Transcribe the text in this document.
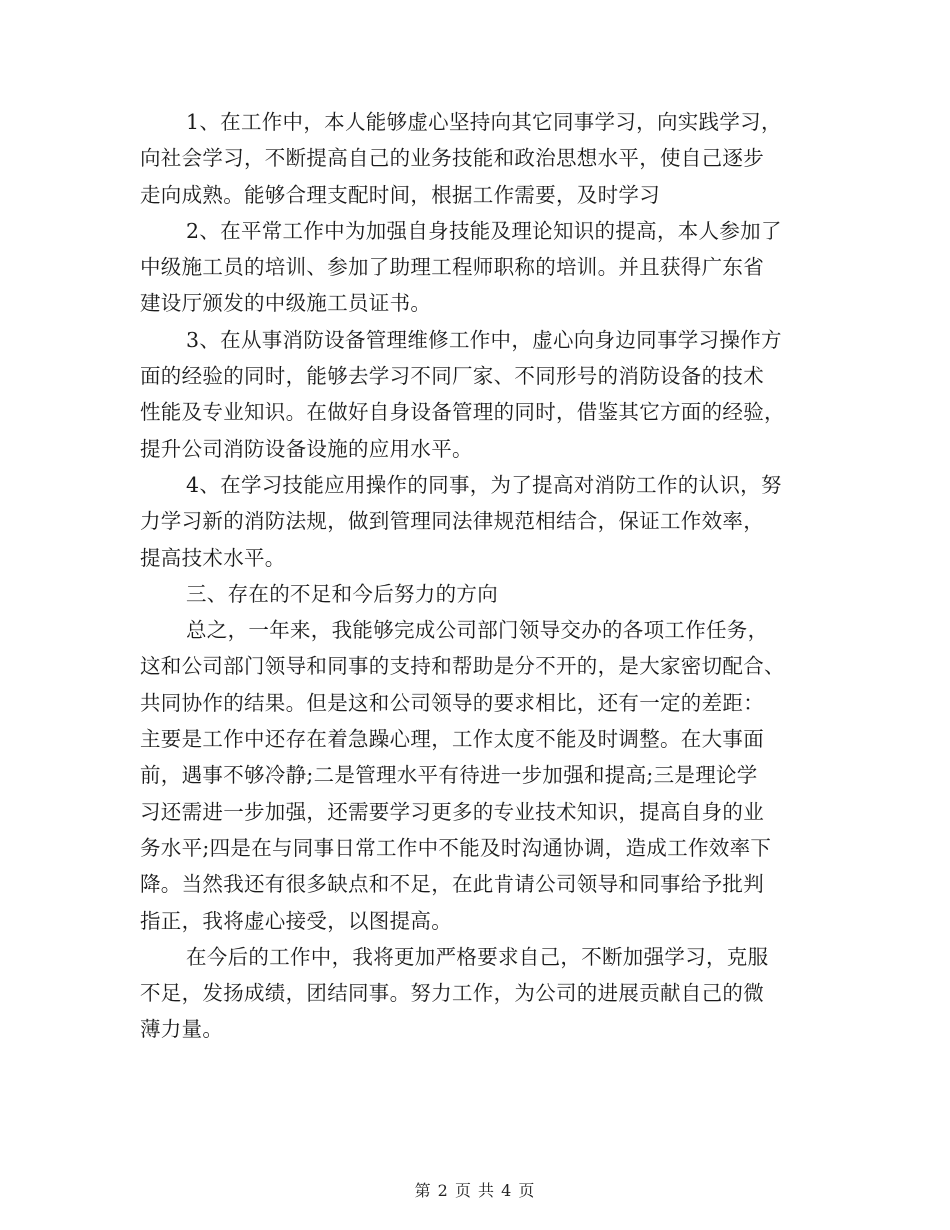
1、在工作中，本人能够虚心坚持向其它同事学习，向实践学习，
向社会学习，不断提高自己的业务技能和政治思想水平，使自己逐步
走向成熟。能够合理支配时间，根据工作需要，及时学习
2、在平常工作中为加强自身技能及理论知识的提高，本人参加了
中级施工员的培训、参加了助理工程师职称的培训。并且获得广东省
建设厅颁发的中级施工员证书。
3、在从事消防设备管理维修工作中，虚心向身边同事学习操作方
面的经验的同时，能够去学习不同厂家、不同形号的消防设备的技术
性能及专业知识。在做好自身设备管理的同时，借鉴其它方面的经验，
提升公司消防设备设施的应用水平。
4、在学习技能应用操作的同事，为了提高对消防工作的认识，努
力学习新的消防法规，做到管理同法律规范相结合，保证工作效率，
提高技术水平。
三、存在的不足和今后努力的方向
总之，一年来，我能够完成公司部门领导交办的各项工作任务，
这和公司部门领导和同事的支持和帮助是分不开的，是大家密切配合、
共同协作的结果。但是这和公司领导的要求相比，还有一定的差距：
主要是工作中还存在着急躁心理，工作太度不能及时调整。在大事面
前，遇事不够冷静;二是管理水平有待进一步加强和提高;三是理论学
习还需进一步加强，还需要学习更多的专业技术知识，提高自身的业
务水平;四是在与同事日常工作中不能及时沟通协调，造成工作效率下
降。当然我还有很多缺点和不足，在此肯请公司领导和同事给予批判
指正，我将虚心接受，以图提高。
在今后的工作中，我将更加严格要求自己，不断加强学习，克服
不足，发扬成绩，团结同事。努力工作，为公司的进展贡献自己的微
薄力量。
第 2 页 共 4 页
